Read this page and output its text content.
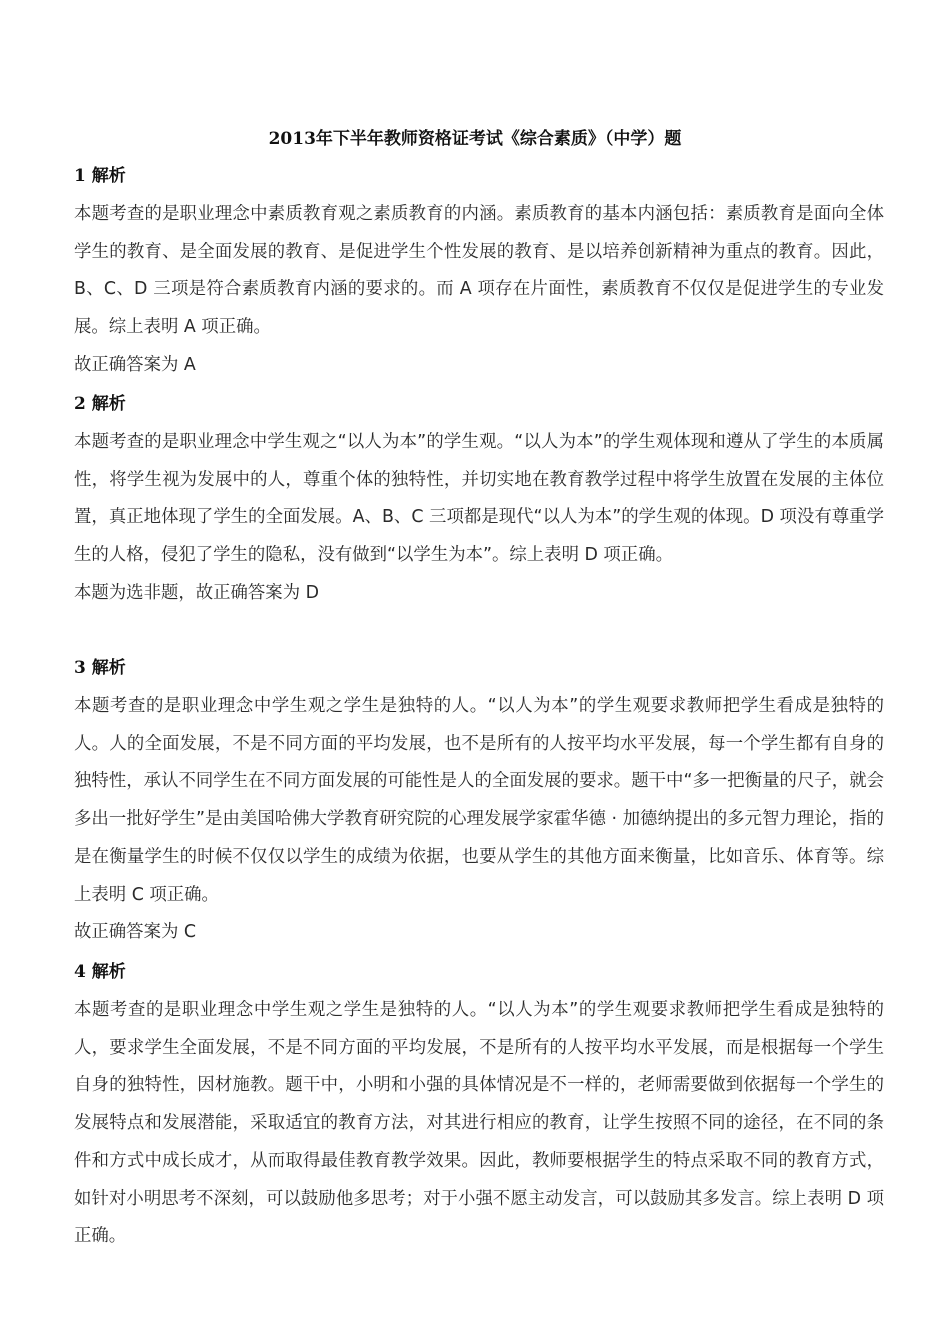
2013年下半年教师资格证考试《综合素质》（中学）题

1 解析

本题考查的是职业理念中素质教育观之素质教育的内涵。素质教育的基本内涵包括：素质教育是面向全体学生的教育、是全面发展的教育、是促进学生个性发展的教育、是以培养创新精神为重点的教育。因此，B、C、D 三项是符合素质教育内涵的要求的。而 A 项存在片面性，素质教育不仅仅是促进学生的专业发展。综上表明 A 项正确。

故正确答案为 A

2 解析

本题考查的是职业理念中学生观之“以人为本”的学生观。“以人为本”的学生观体现和遵从了学生的本质属性，将学生视为发展中的人，尊重个体的独特性，并切实地在教育教学过程中将学生放置在发展的主体位置，真正地体现了学生的全面发展。A、B、C 三项都是现代“以人为本”的学生观的体现。D 项没有尊重学生的人格，侵犯了学生的隐私，没有做到“以学生为本”。综上表明 D 项正确。

本题为选非题，故正确答案为 D

3 解析

本题考查的是职业理念中学生观之学生是独特的人。“以人为本”的学生观要求教师把学生看成是独特的人。人的全面发展，不是不同方面的平均发展，也不是所有的人按平均水平发展，每一个学生都有自身的独特性，承认不同学生在不同方面发展的可能性是人的全面发展的要求。题干中“多一把衡量的尺子，就会多出一批好学生”是由美国哈佛大学教育研究院的心理发展学家霍华德 · 加德纳提出的多元智力理论，指的是在衡量学生的时候不仅仅以学生的成绩为依据，也要从学生的其他方面来衡量，比如音乐、体育等。综上表明 C 项正确。

故正确答案为 C

4 解析

本题考查的是职业理念中学生观之学生是独特的人。“以人为本”的学生观要求教师把学生看成是独特的人，要求学生全面发展，不是不同方面的平均发展，不是所有的人按平均水平发展，而是根据每一个学生自身的独特性，因材施教。题干中，小明和小强的具体情况是不一样的，老师需要做到依据每一个学生的发展特点和发展潜能，采取适宜的教育方法，对其进行相应的教育，让学生按照不同的途径，在不同的条件和方式中成长成才，从而取得最佳教育教学效果。因此，教师要根据学生的特点采取不同的教育方式，如针对小明思考不深刻，可以鼓励他多思考；对于小强不愿主动发言，可以鼓励其多发言。综上表明 D 项正确。
